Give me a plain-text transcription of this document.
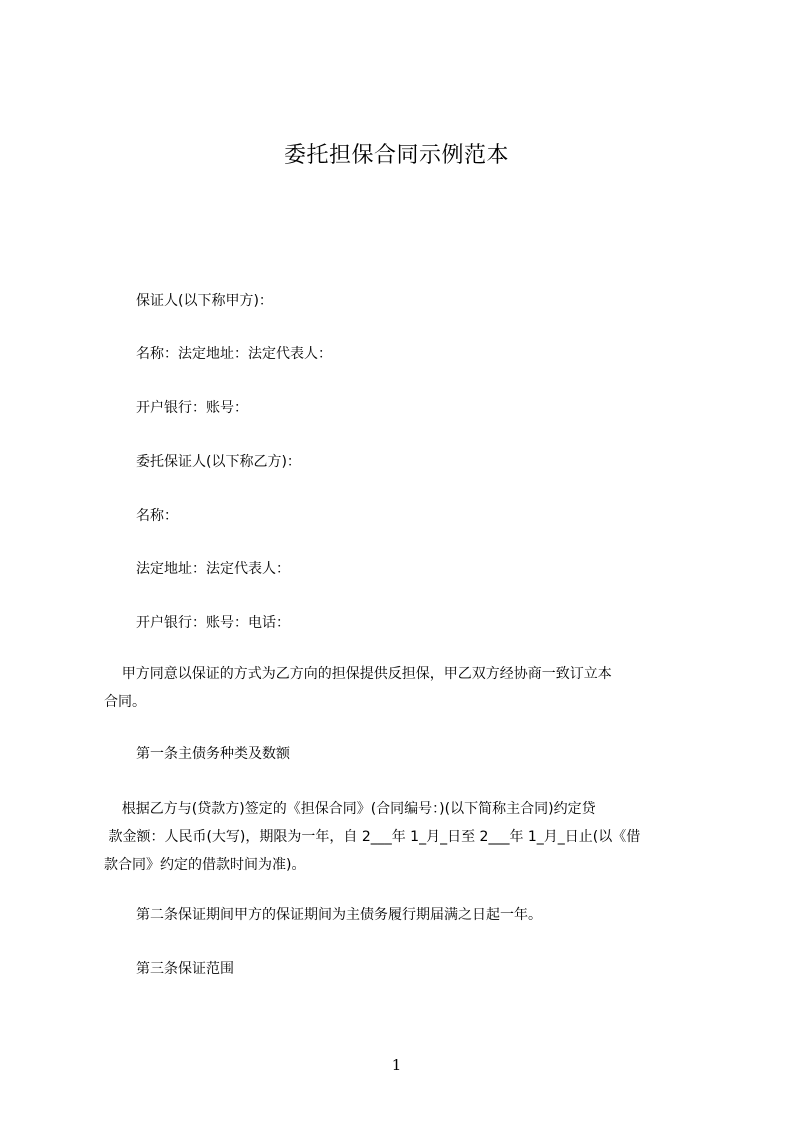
委托担保合同示例范本
保证人(以下称甲方)：
名称：法定地址：法定代表人：
开户银行：账号：
委托保证人(以下称乙方)：
名称：
法定地址：法定代表人：
开户银行：账号：电话：
甲方同意以保证的方式为乙方向的担保提供反担保，甲乙双方经协商一致订立本
合同。
第一条主债务种类及数额
根据乙方与(贷款方)签定的《担保合同》(合同编号：)(以下简称主合同)约定贷
款金额：人民币(大写)，期限为一年，自 2___年 1_月_日至 2___年 1_月_日止(以《借
款合同》约定的借款时间为准)。
第二条保证期间甲方的保证期间为主债务履行期届满之日起一年。
第三条保证范围
1
